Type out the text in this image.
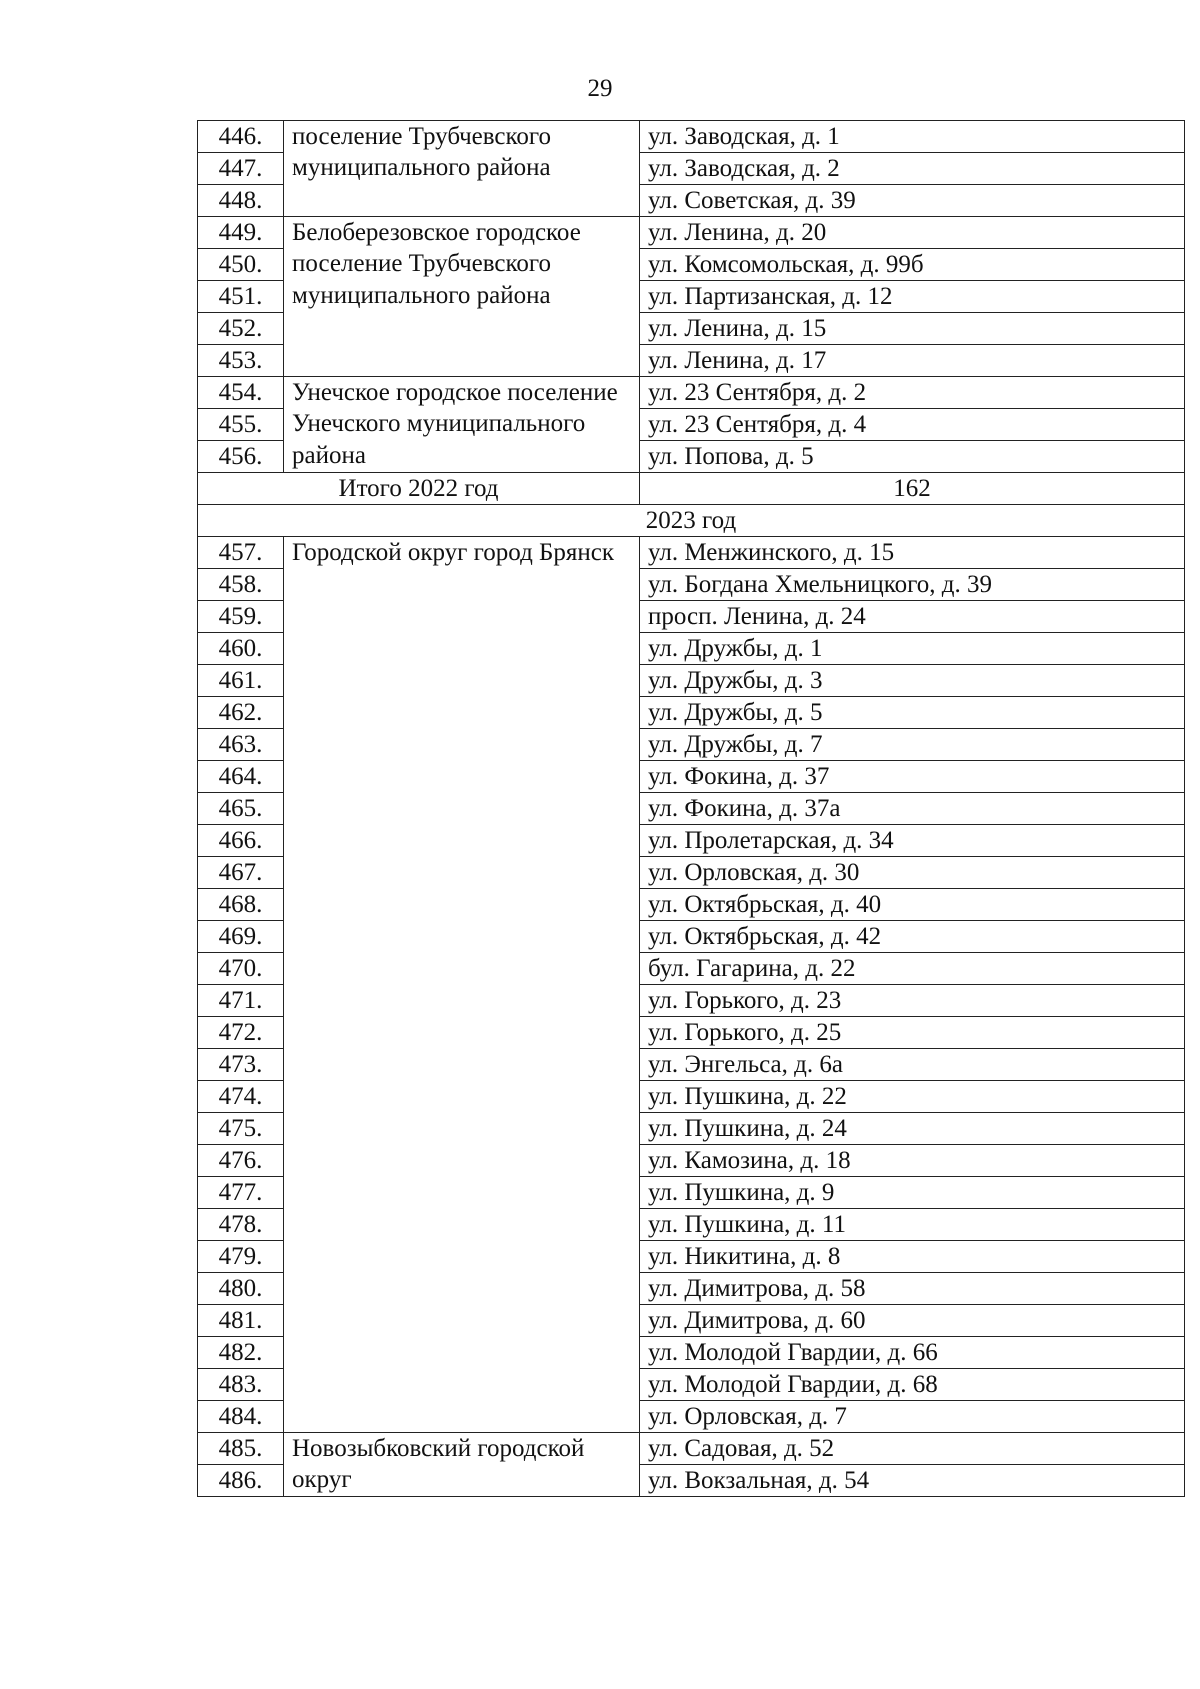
29
446.	поселение Трубчевского муниципального района	ул. Заводская, д. 1
447.		ул. Заводская, д. 2
448.		ул. Советская, д. 39
449.	Белоберезовское городское поселение Трубчевского муниципального района	ул. Ленина, д. 20
450.		ул. Комсомольская, д. 99б
451.		ул. Партизанская, д. 12
452.		ул. Ленина, д. 15
453.		ул. Ленина, д. 17
454.	Унечское городское поселение Унечского муниципального района	ул. 23 Сентября, д. 2
455.		ул. 23 Сентября, д. 4
456.		ул. Попова, д. 5
Итого 2022 год		162
2023 год		
457.	Городской округ город Брянск	ул. Менжинского, д. 15
458.		ул. Богдана Хмельницкого, д. 39
459.		просп. Ленина, д. 24
460.		ул. Дружбы, д. 1
461.		ул. Дружбы, д. 3
462.		ул. Дружбы, д. 5
463.		ул. Дружбы, д. 7
464.		ул. Фокина, д. 37
465.		ул. Фокина, д. 37а
466.		ул. Пролетарская, д. 34
467.		ул. Орловская, д. 30
468.		ул. Октябрьская, д. 40
469.		ул. Октябрьская, д. 42
470.		бул. Гагарина, д. 22
471.		ул. Горького, д. 23
472.		ул. Горького, д. 25
473.		ул. Энгельса, д. 6а
474.		ул. Пушкина, д. 22
475.		ул. Пушкина, д. 24
476.		ул. Камозина, д. 18
477.		ул. Пушкина, д. 9
478.		ул. Пушкина, д. 11
479.		ул. Никитина, д. 8
480.		ул. Димитрова, д. 58
481.		ул. Димитрова, д. 60
482.		ул. Молодой Гвардии, д. 66
483.		ул. Молодой Гвардии, д. 68
484.		ул. Орловская, д. 7
485.	Новозыбковский городской округ	ул. Садовая, д. 52
486.		ул. Вокзальная, д. 54
